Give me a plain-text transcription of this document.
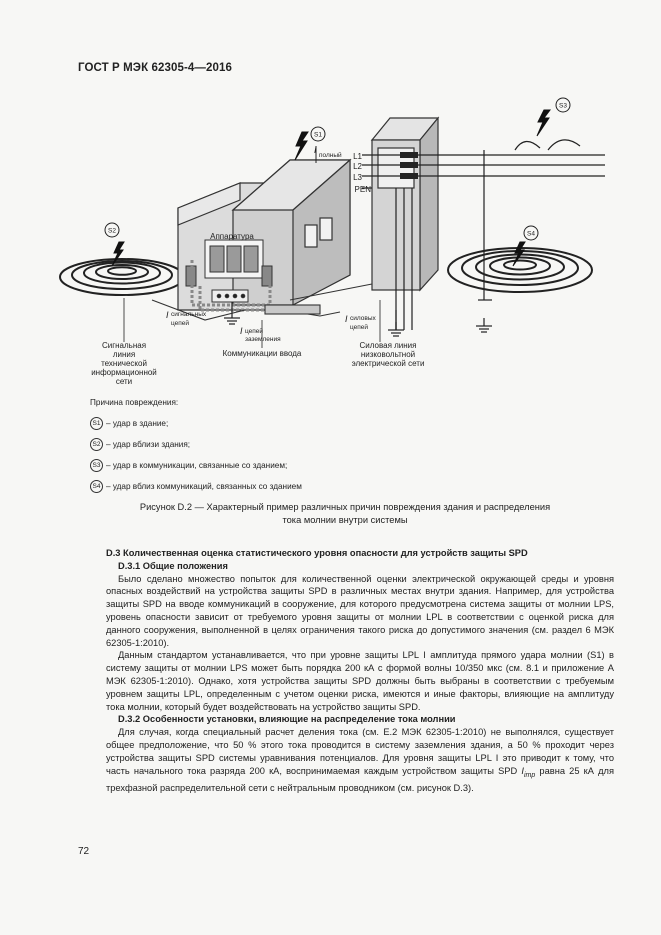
ГОСТ Р МЭК 62305-4—2016
S1
S2
S3
S4
I
полный
Аппаратура
L1
L2
L3
PEN
I сигнальных
цепей
I цепей
заземления
I силовых
цепей
Сигнальная
линия
технической
информационной
сети
Коммуникации ввода
Силовая линия
низковольтной
электрической сети
Причина повреждения:
S1 – удар в здание;
S2 – удар вблизи здания;
S3 – удар в коммуникации, связанные со зданием;
S4 – удар вблиз коммуникаций, связанных со зданием
Рисунок D.2 — Характерный пример различных причин повреждения здания и распределения
тока молнии внутри системы

D.3 Количественная оценка статистического уровня опасности для устройств защиты SPD

D.3.1 Общие положения

Было сделано множество попыток для количественной оценки электрической окружающей среды и уровня опасных воздействий на устройства защиты SPD в различных местах внутри здания. Например, для устройства защиты SPD на вводе коммуникаций в сооружение, для которого предусмотрена система защиты от молнии LPS, уровень опасности зависит от требуемого уровня защиты от молнии LPL в соответствии с оценкой риска для данного сооружения, выполненной в целях ограничения такого риска до допустимого значения (см. раздел 6 МЭК 62305-1:2010).

Данным стандартом устанавливается, что при уровне защиты LPL I амплитуда прямого удара молнии (S1) в систему защиты от молнии LPS может быть порядка 200 кА с формой волны 10/350 мкс (см. 8.1 и приложение А МЭК 62305-1:2010). Однако, хотя устройства защиты SPD должны быть выбраны в соответствии с требуемым уровнем защиты LPL, определенным с учетом оценки риска, имеются и иные факторы, влияющие на амплитуду тока молнии, который будет воздействовать на устройство защиты SPD.

D.3.2 Особенности установки, влияющие на распределение тока молнии

Для случая, когда специальный расчет деления тока (см. Е.2 МЭК 62305-1:2010) не выполнялся, существует общее предположение, что 50 % этого тока проводится в систему заземления здания, а 50 % проходит через устройства защиты SPD системы уравнивания потенциалов. Для уровня защиты LPL I это приводит к тому, что часть начального тока разряда 200 кА, воспринимаемая каждым устройством защиты SPD $I_{imp}$ равна 25 кА для трехфазной распределительной сети с нейтральным проводником (см. рисунок D.3).

72
